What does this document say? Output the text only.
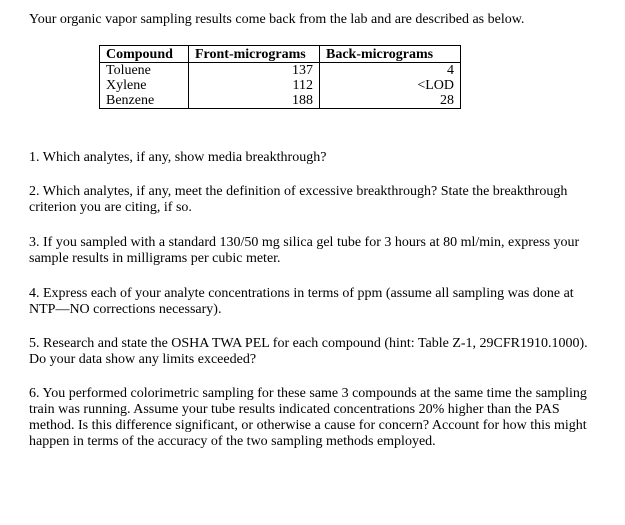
Your organic vapor sampling results come back from the lab and are described as below.
Compound	Front-micrograms	Back-micrograms
Toluene	137	4
Xylene	112	<LOD
Benzene	188	28
1. Which analytes, if any, show media breakthrough?
2. Which analytes, if any, meet the definition of excessive breakthrough? State the breakthrough criterion you are citing, if so.
3. If you sampled with a standard 130/50 mg silica gel tube for 3 hours at 80 ml/min, express your sample results in milligrams per cubic meter.
4. Express each of your analyte concentrations in terms of ppm (assume all sampling was done at NTP—NO corrections necessary).
5. Research and state the OSHA TWA PEL for each compound (hint: Table Z-1, 29CFR1910.1000). Do your data show any limits exceeded?
6. You performed colorimetric sampling for these same 3 compounds at the same time the sampling train was running. Assume your tube results indicated concentrations 20% higher than the PAS method. Is this difference significant, or otherwise a cause for concern? Account for how this might happen in terms of the accuracy of the two sampling methods employed.
